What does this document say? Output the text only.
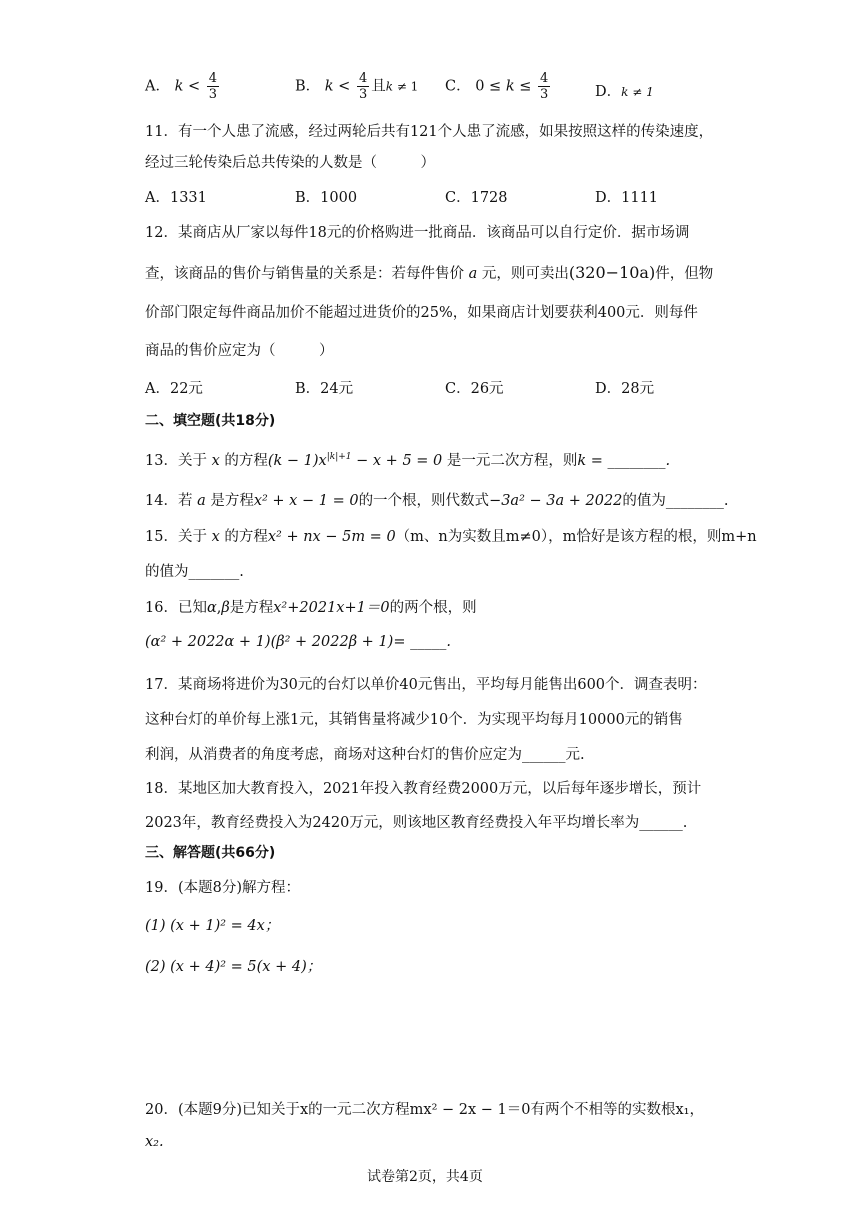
A． $k < \frac{4}{3}$	B． $k < \frac{4}{3}$ 且k ≠ 1 C． $0 \le k \le \frac{4}{3}$	D．k ≠ 1
11．有一个人患了流感，经过两轮后共有121个人患了流感，如果按照这样的传染速度，
经过三轮传染后总共传染的人数是（　　　）
A．1331	B．1000	C．1728	D．1111
12．某商店从厂家以每件18元的价格购进一批商品．该商品可以自行定价．据市场调
查，该商品的售价与销售量的关系是：若每件售价 a 元，则可卖出(320−10a)件，但物
价部门限定每件商品加价不能超过进货价的25%，如果商店计划要获利400元．则每件
商品的售价应定为（　　　）
A．22元	B．24元	C．26元	D．28元
二、填空题(共18分)
13．关于 x 的方程$(k - 1)x^{|k|+1} - x + 5 = 0$ 是一元二次方程，则k = ________.
14．若 a 是方程x² + x − 1 = 0的一个根，则代数式−3a² − 3a + 2022的值为________.
15．关于 x 的方程x² + nx − 5m = 0（m、n为实数且m≠0），m恰好是该方程的根，则m+n
的值为_______.
16．已知α,β是方程x²+2021x+1＝0的两个根，则
(α² + 2022α + 1)(β² + 2022β + 1)= _____.
17．某商场将进价为30元的台灯以单价40元售出，平均每月能售出600个．调查表明：
这种台灯的单价每上涨1元，其销售量将减少10个．为实现平均每月10000元的销售
利润，从消费者的角度考虑，商场对这种台灯的售价应定为______元.
18．某地区加大教育投入，2021年投入教育经费2000万元，以后每年逐步增长，预计
2023年，教育经费投入为2420万元，则该地区教育经费投入年平均增长率为______.
三、解答题(共66分)
19．(本题8分)解方程：
(1) (x + 1)² = 4x；
(2) (x + 4)² = 5(x + 4)；
20．(本题9分)已知关于x的一元二次方程mx² − 2x − 1＝0有两个不相等的实数根x₁，
x₂.
试卷第2页，共4页
